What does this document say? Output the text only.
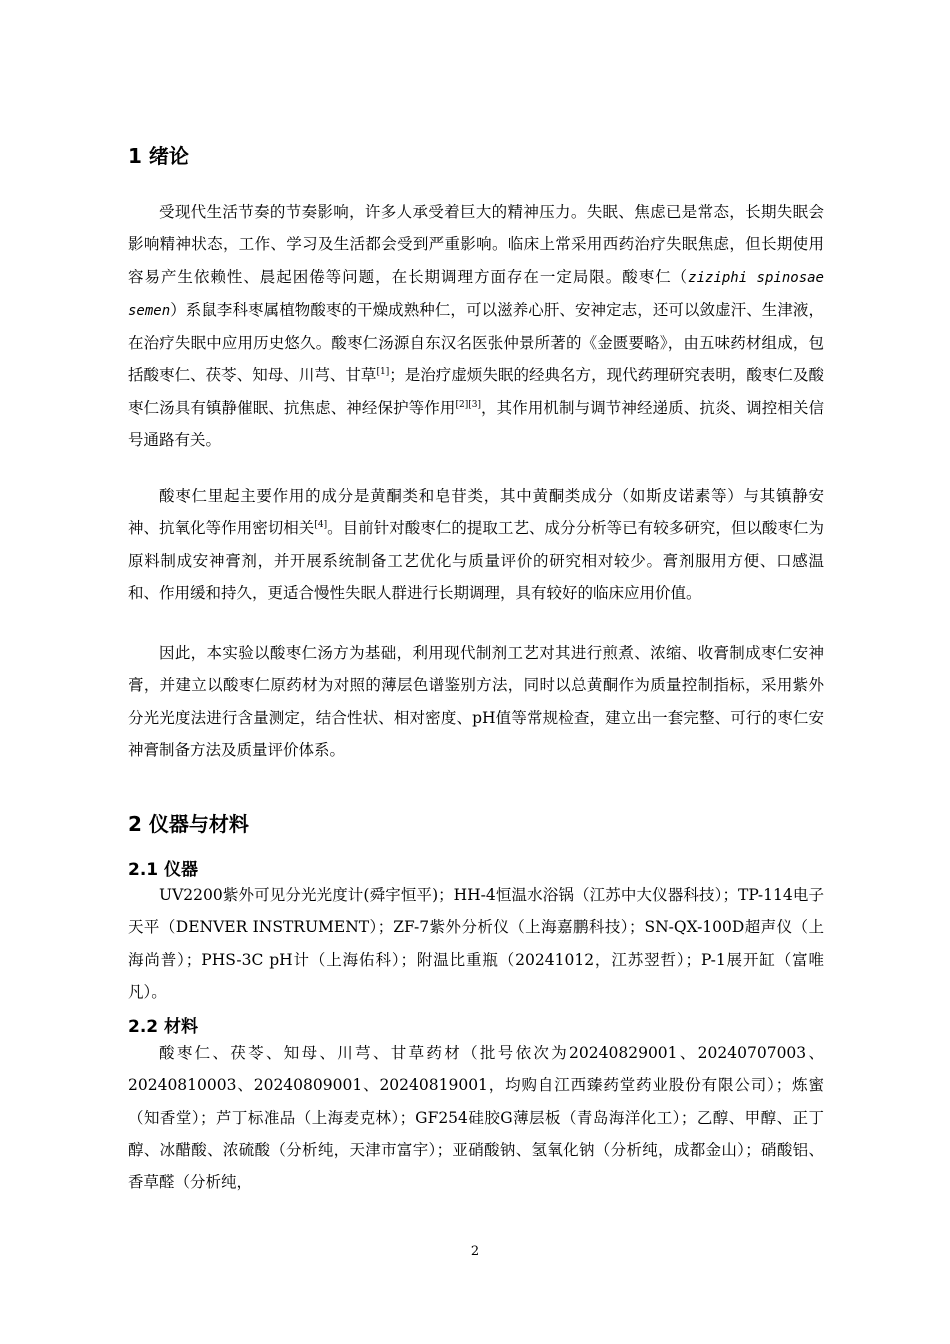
1 绪论

受现代生活节奏的节奏影响，许多人承受着巨大的精神压力。失眠、焦虑已是常态，长期失眠会影响精神状态，工作、学习及生活都会受到严重影响。临床上常采用西药治疗失眠焦虑，但长期使用容易产生依赖性、晨起困倦等问题，在长期调理方面存在一定局限。酸枣仁（ziziphi spinosae semen）系鼠李科枣属植物酸枣的干燥成熟种仁，可以滋养心肝、安神定志，还可以敛虚汗、生津液，在治疗失眠中应用历史悠久。酸枣仁汤源自东汉名医张仲景所著的《金匮要略》，由五味药材组成，包括酸枣仁、茯苓、知母、川芎、甘草[1]；是治疗虚烦失眠的经典名方，现代药理研究表明，酸枣仁及酸枣仁汤具有镇静催眠、抗焦虑、神经保护等作用[2][3]，其作用机制与调节神经递质、抗炎、调控相关信号通路有关。

酸枣仁里起主要作用的成分是黄酮类和皂苷类，其中黄酮类成分（如斯皮诺素等）与其镇静安神、抗氧化等作用密切相关[4]。目前针对酸枣仁的提取工艺、成分分析等已有较多研究，但以酸枣仁为原料制成安神膏剂，并开展系统制备工艺优化与质量评价的研究相对较少。膏剂服用方便、口感温和、作用缓和持久，更适合慢性失眠人群进行长期调理，具有较好的临床应用价值。

因此，本实验以酸枣仁汤方为基础，利用现代制剂工艺对其进行煎煮、浓缩、收膏制成枣仁安神膏，并建立以酸枣仁原药材为对照的薄层色谱鉴别方法，同时以总黄酮作为质量控制指标，采用紫外分光光度法进行含量测定，结合性状、相对密度、pH值等常规检查，建立出一套完整、可行的枣仁安神膏制备方法及质量评价体系。

2 仪器与材料
2.1 仪器

UV2200紫外可见分光光度计(舜宇恒平)；HH-4恒温水浴锅（江苏中大仪器科技）；TP-114电子天平（DENVER INSTRUMENT）；ZF-7紫外分析仪（上海嘉鹏科技）；SN-QX-100D超声仪（上海尚普）；PHS-3C pH计（上海佑科）；附温比重瓶（20241012，江苏翌哲）；P-1展开缸（富唯凡）。

2.2 材料

酸枣仁、茯苓、知母、川芎、甘草药材（批号依次为20240829001、20240707003、20240810003、20240809001、20240819001，均购自江西臻药堂药业股份有限公司）；炼蜜（知香堂）；芦丁标准品（上海麦克林）；GF254硅胶G薄层板（青岛海洋化工）；乙醇、甲醇、正丁醇、冰醋酸、浓硫酸（分析纯，天津市富宇）；亚硝酸钠、氢氧化钠（分析纯，成都金山）；硝酸铝、香草醛（分析纯，

2
